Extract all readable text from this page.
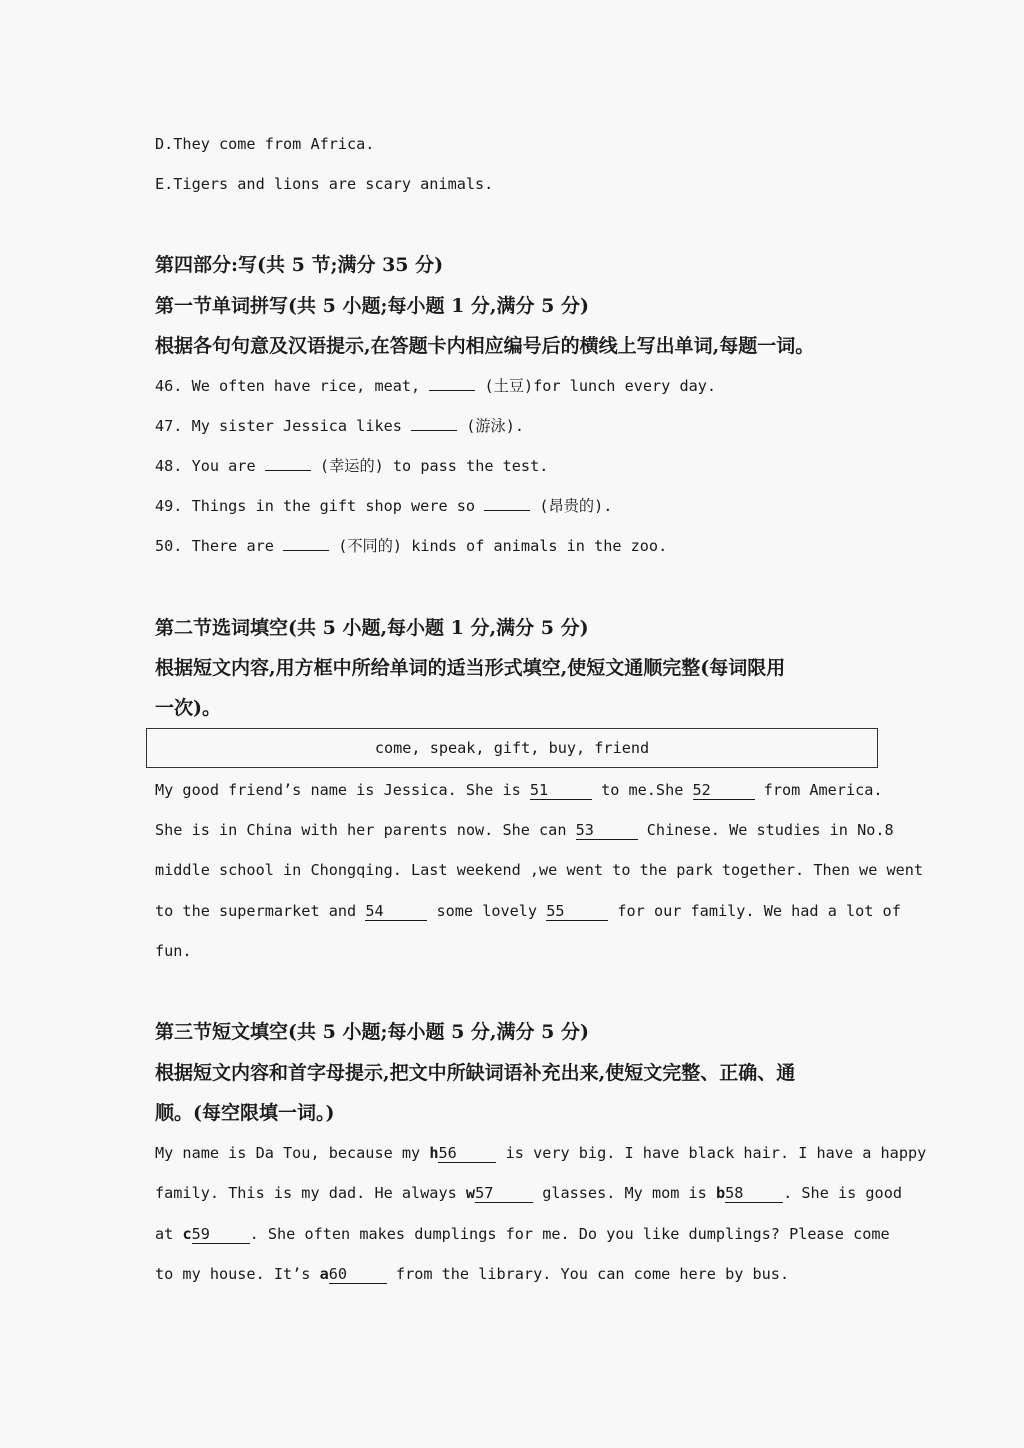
D.They come from Africa.

E.Tigers and lions are scary animals.

第四部分:写(共 5 节;满分 35 分)

第一节单词拼写(共 5 小题;每小题 1 分,满分 5 分)

根据各句句意及汉语提示,在答题卡内相应编号后的横线上写出单词,每题一词。

46. We often have rice, meat,	(土豆)for lunch every day.

47. My sister Jessica likes	(游泳).

48. You are	(幸运的) to pass the test.

49. Things in the gift shop were so	(昂贵的).

50. There are	(不同的) kinds of animals in the zoo.

第二节选词填空(共 5 小题,每小题 1 分,满分 5 分)

根据短文内容,用方框中所给单词的适当形式填空,使短文通顺完整(每词限用

一次)。

come, speak, gift, buy, friend

My good friend’s name is Jessica. She is 51	to me.She 52	from America.

She is in China with her parents now. She can 53	Chinese. We studies in No.8

middle school in Chongqing. Last weekend ,we went to the park together. Then we went

to the supermarket and 54	some lovely 55	for our family. We had a lot of

fun.

第三节短文填空(共 5 小题;每小题 5 分,满分 5 分)

根据短文内容和首字母提示,把文中所缺词语补充出来,使短文完整、正确、通

顺。(每空限填一词。)

My name is Da Tou, because my h56	is very big. I have black hair. I have a happy

family. This is my dad. He always w57	glasses. My mom is b58	. She is good

at c59	. She often makes dumplings for me. Do you like dumplings? Please come

to my house. It’s a60	from the library. You can come here by bus.
